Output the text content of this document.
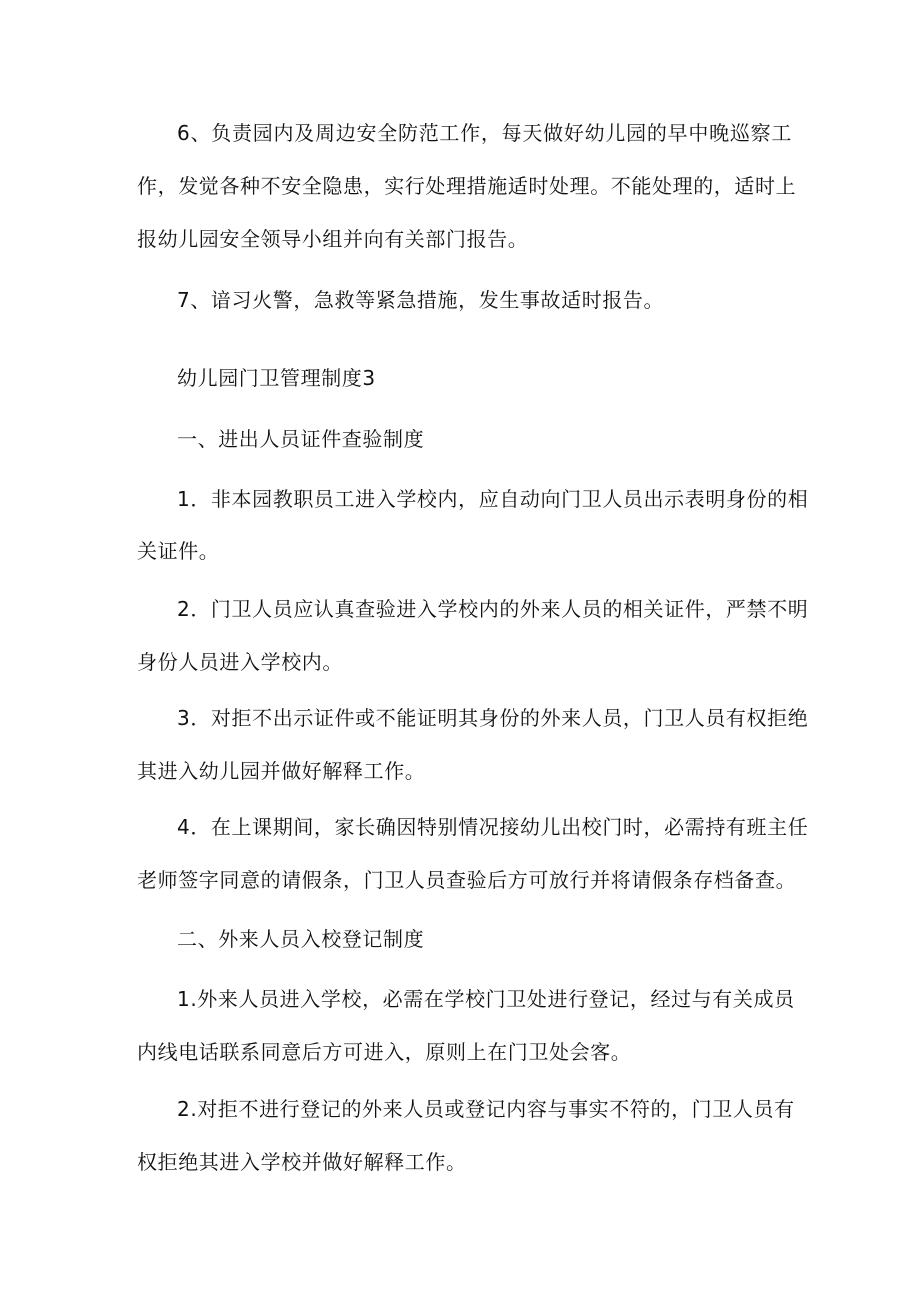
6、负责园内及周边安全防范工作，每天做好幼儿园的早中晚巡察工
作，发觉各种不安全隐患，实行处理措施适时处理。不能处理的，适时上
报幼儿园安全领导小组并向有关部门报告。
7、谙习火警，急救等紧急措施，发生事故适时报告。
幼儿园门卫管理制度3
一、进出人员证件查验制度
1．非本园教职员工进入学校内，应自动向门卫人员出示表明身份的相
关证件。
2．门卫人员应认真查验进入学校内的外来人员的相关证件，严禁不明
身份人员进入学校内。
3．对拒不出示证件或不能证明其身份的外来人员，门卫人员有权拒绝
其进入幼儿园并做好解释工作。
4．在上课期间，家长确因特别情况接幼儿出校门时，必需持有班主任
老师签字同意的请假条，门卫人员查验后方可放行并将请假条存档备查。
二、外来人员入校登记制度
1.外来人员进入学校，必需在学校门卫处进行登记，经过与有关成员
内线电话联系同意后方可进入，原则上在门卫处会客。
2.对拒不进行登记的外来人员或登记内容与事实不符的，门卫人员有
权拒绝其进入学校并做好解释工作。
